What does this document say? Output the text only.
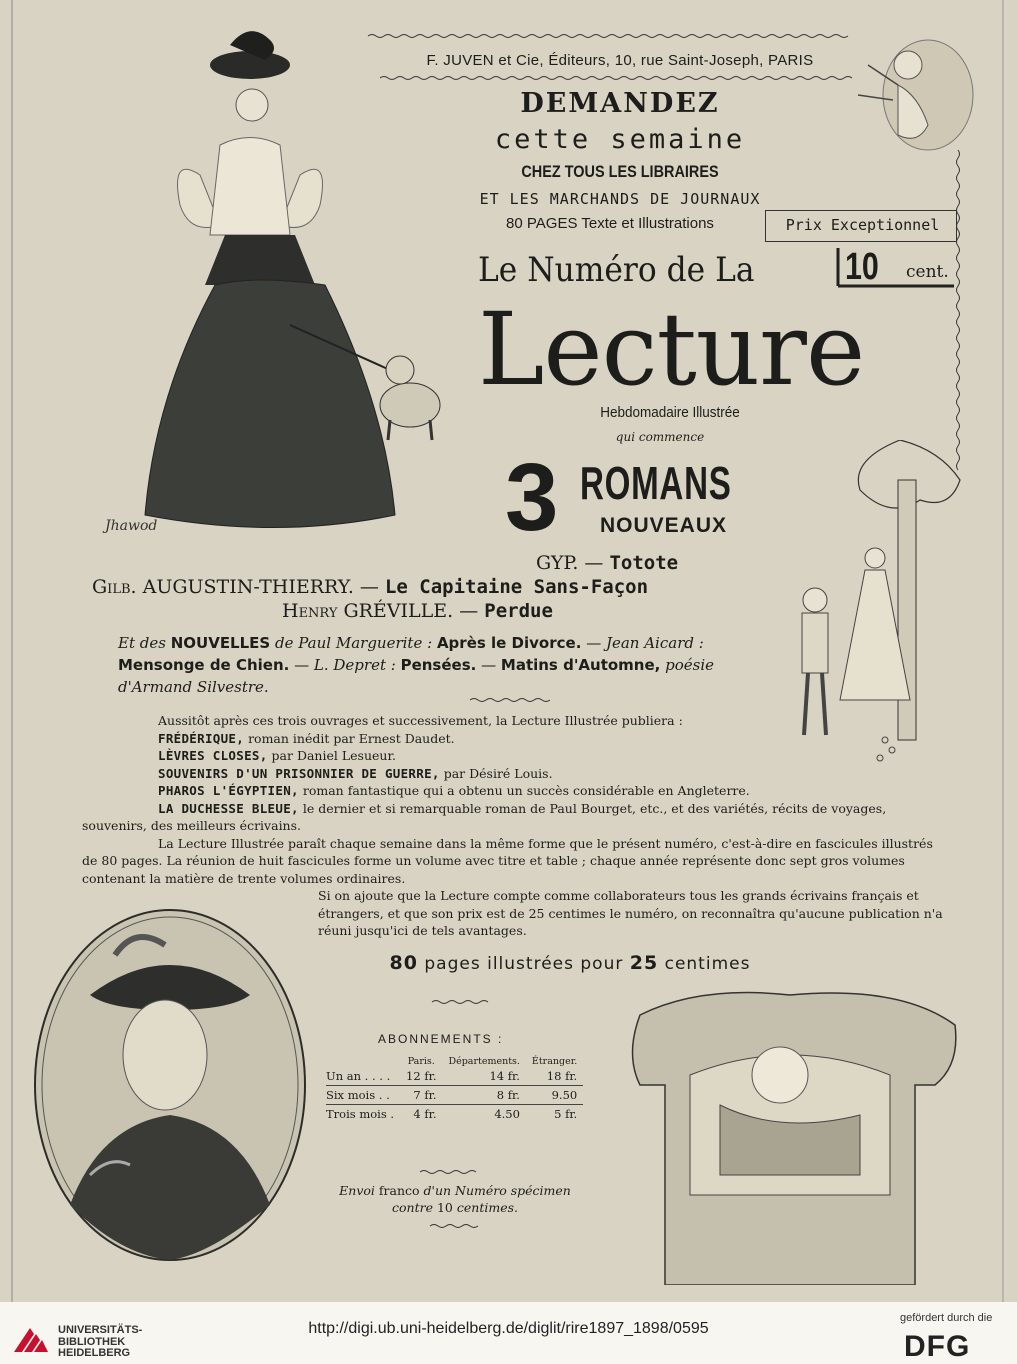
Jhawod
F. JUVEN et Cie, Éditeurs, 10, rue Saint-Joseph, PARIS
DEMANDEZ
cette semaine
CHEZ TOUS LES LIBRAIRES
ET LES MARCHANDS DE JOURNAUX
80 PAGES Texte et Illustrations	Prix Exceptionnel
Le Numéro de La	10 cent.
Lecture
Hebdomadaire Illustrée
qui commence
3 ROMANS
NOUVEAUX
GYP. — Totote
Gilb. AUGUSTIN-THIERRY. — Le Capitaine Sans-Façon
Henry GRÉVILLE. — Perdue
Et des NOUVELLES de Paul Marguerite : Après le Divorce. — Jean Aicard : Mensonge de Chien. — L. Depret : Pensées. — Matins d'Automne, poésie d'Armand Silvestre.

Aussitôt après ces trois ouvrages et successivement, la Lecture Illustrée publiera :

FRÉDÉRIQUE, roman inédit par Ernest Daudet.

LÈVRES CLOSES, par Daniel Lesueur.

SOUVENIRS D'UN PRISONNIER DE GUERRE, par Désiré Louis.

PHAROS L'ÉGYPTIEN, roman fantastique qui a obtenu un succès considérable en Angleterre.

LA DUCHESSE BLEUE, le dernier et si remarquable roman de Paul Bourget, etc., et des variétés, récits de voyages, souvenirs, des meilleurs écrivains.

La Lecture Illustrée paraît chaque semaine dans la même forme que le présent numéro, c'est-à-dire en fascicules illustrés de 80 pages. La réunion de huit fascicules forme un volume avec titre et table ; chaque année représente donc sept gros volumes contenant la matière de trente volumes ordinaires.

Si on ajoute que la Lecture compte comme collaborateurs tous les grands écrivains français et étrangers, et que son prix est de 25 centimes le numéro, on reconnaîtra qu'aucune publication n'a réuni jusqu'ici de tels avantages.

80 pages illustrées pour 25 centimes
ABONNEMENTS :
	Paris.	Départements.	Étranger.
Un an . . . .	12 fr.	14 fr.	18 fr.
Six mois . .	7 fr.	8 fr.	9.50
Trois mois .	4 fr.	4.50	5 fr.
Envoi franco d'un Numéro spécimen
contre 10 centimes.
UNIVERSITÄTS-
BIBLIOTHEK
HEIDELBERG
http://digi.ub.uni-heidelberg.de/diglit/rire1897_1898/0595
gefördert durch die
DFG
